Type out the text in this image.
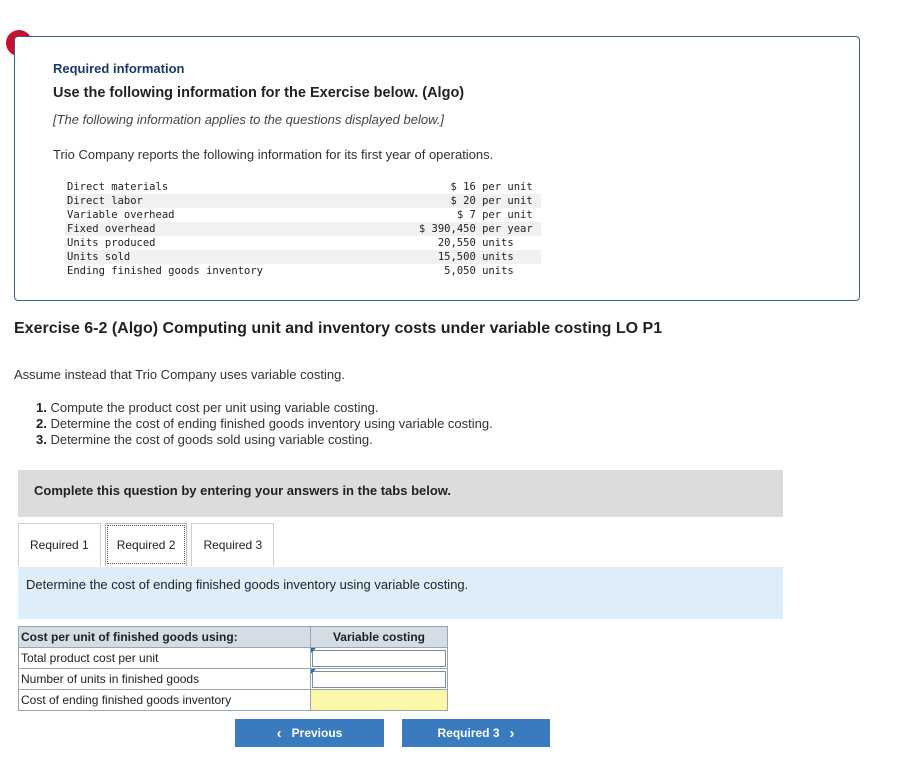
Required information
Use the following information for the Exercise below. (Algo)
[The following information applies to the questions displayed below.]
Trio Company reports the following information for its first year of operations.
Direct materials	$ 16 per unit
Direct labor	$ 20 per unit
Variable overhead	$ 7 per unit
Fixed overhead	$ 390,450 per year
Units produced	20,550 units
Units sold	15,500 units
Ending finished goods inventory	5,050 units
Exercise 6-2 (Algo) Computing unit and inventory costs under variable costing LO P1
Assume instead that Trio Company uses variable costing.
1. Compute the product cost per unit using variable costing.
2. Determine the cost of ending finished goods inventory using variable costing.
3. Determine the cost of goods sold using variable costing.
Complete this question by entering your answers in the tabs below.
Required 1	Required 2	Required 3
Determine the cost of ending finished goods inventory using variable costing.
Cost per unit of finished goods using:	Variable costing
Total product cost per unit	

Number of units in finished goods	

Cost of ending finished goods inventory	
‹ Previous	Required 3 ›
